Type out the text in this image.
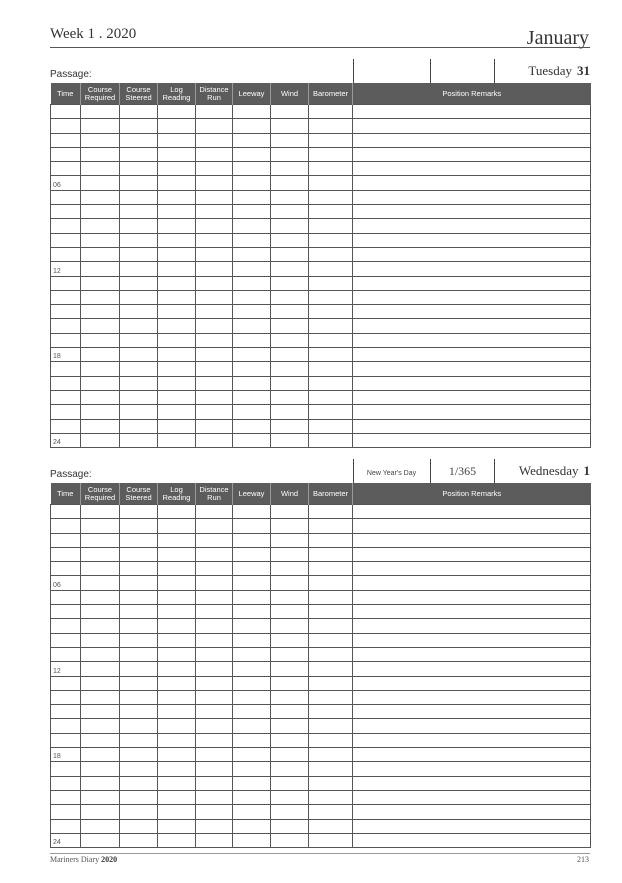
Week 1 . 2020	January
Passage:	Tuesday 31
Time	Course Required	Course Steered	Log Reading	Distance Run	Leeway	Wind	Barometer	Position Remarks

06								

12								

18								

24								
Passage:	New Year's Day	1/365	Wednesday 1
Time	Course Required	Course Steered	Log Reading	Distance Run	Leeway	Wind	Barometer	Position Remarks

06								

12								

18								

24								
Mariners Diary 2020	213
